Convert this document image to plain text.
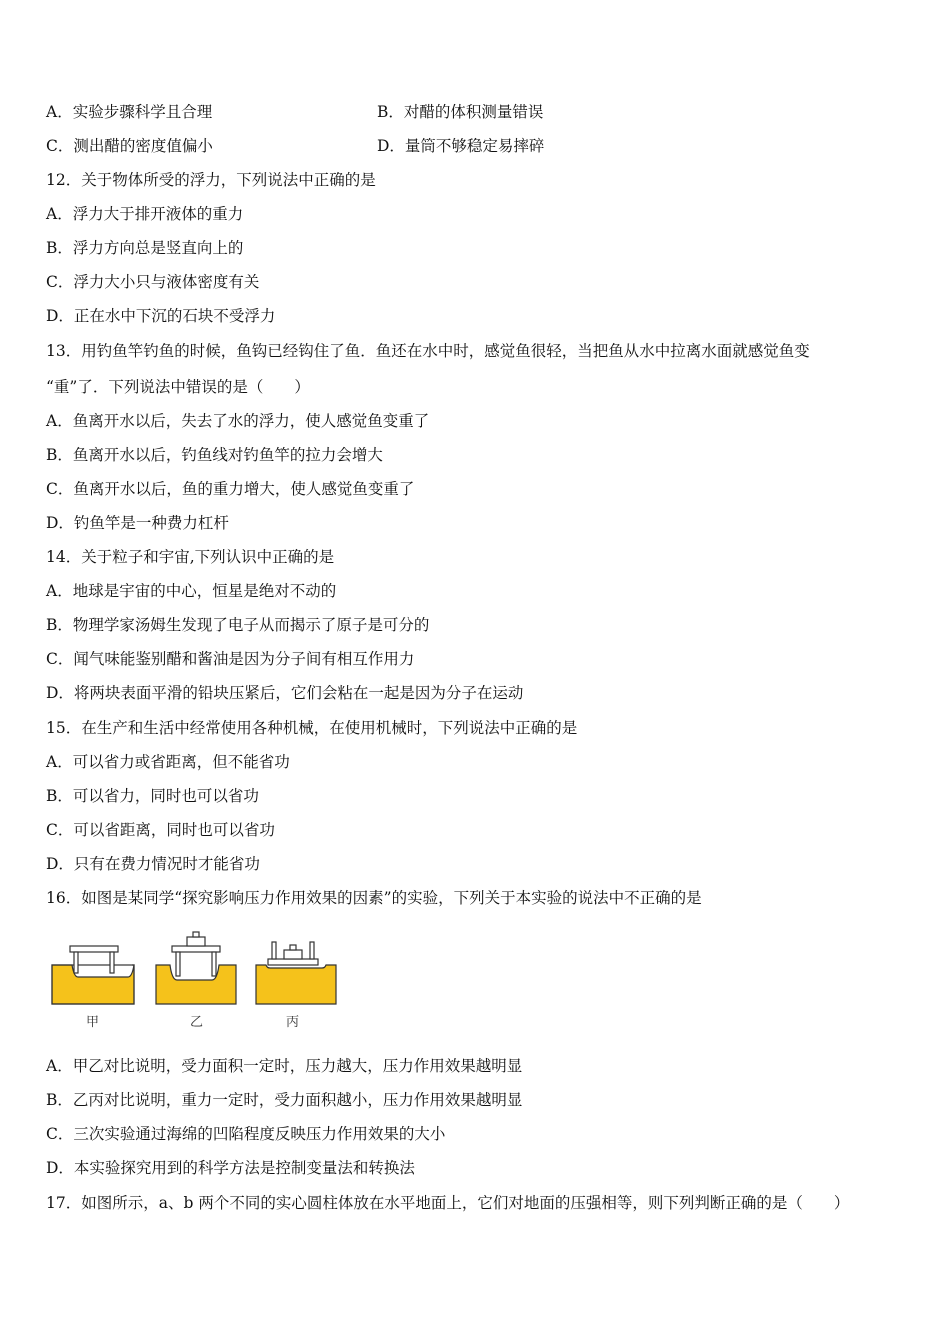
A．实验步骤科学且合理	B．对醋的体积测量错误
C．测出醋的密度值偏小	D．量筒不够稳定易摔碎
12．关于物体所受的浮力，下列说法中正确的是
A．浮力大于排开液体的重力
B．浮力方向总是竖直向上的
C．浮力大小只与液体密度有关
D．正在水中下沉的石块不受浮力
13．用钓鱼竿钓鱼的时候，鱼钩已经钩住了鱼．鱼还在水中时，感觉鱼很轻，当把鱼从水中拉离水面就感觉鱼变
“重”了．下列说法中错误的是（　　）
A．鱼离开水以后，失去了水的浮力，使人感觉鱼变重了
B．鱼离开水以后，钓鱼线对钓鱼竿的拉力会增大
C．鱼离开水以后，鱼的重力增大，使人感觉鱼变重了
D．钓鱼竿是一种费力杠杆
14．关于粒子和宇宙,下列认识中正确的是
A．地球是宇宙的中心，恒星是绝对不动的
B．物理学家汤姆生发现了电子从而揭示了原子是可分的
C．闻气味能鉴别醋和酱油是因为分子间有相互作用力
D．将两块表面平滑的铅块压紧后，它们会粘在一起是因为分子在运动
15．在生产和生活中经常使用各种机械，在使用机械时，下列说法中正确的是
A．可以省力或省距离，但不能省功
B．可以省力，同时也可以省功
C．可以省距离，同时也可以省功
D．只有在费力情况时才能省功
16．如图是某同学“探究影响压力作用效果的因素”的实验，下列关于本实验的说法中不正确的是
甲	乙	丙
A．甲乙对比说明，受力面积一定时，压力越大，压力作用效果越明显
B．乙丙对比说明，重力一定时，受力面积越小，压力作用效果越明显
C．三次实验通过海绵的凹陷程度反映压力作用效果的大小
D．本实验探究用到的科学方法是控制变量法和转换法
17．如图所示，a、b 两个不同的实心圆柱体放在水平地面上，它们对地面的压强相等，则下列判断正确的是（　　）
